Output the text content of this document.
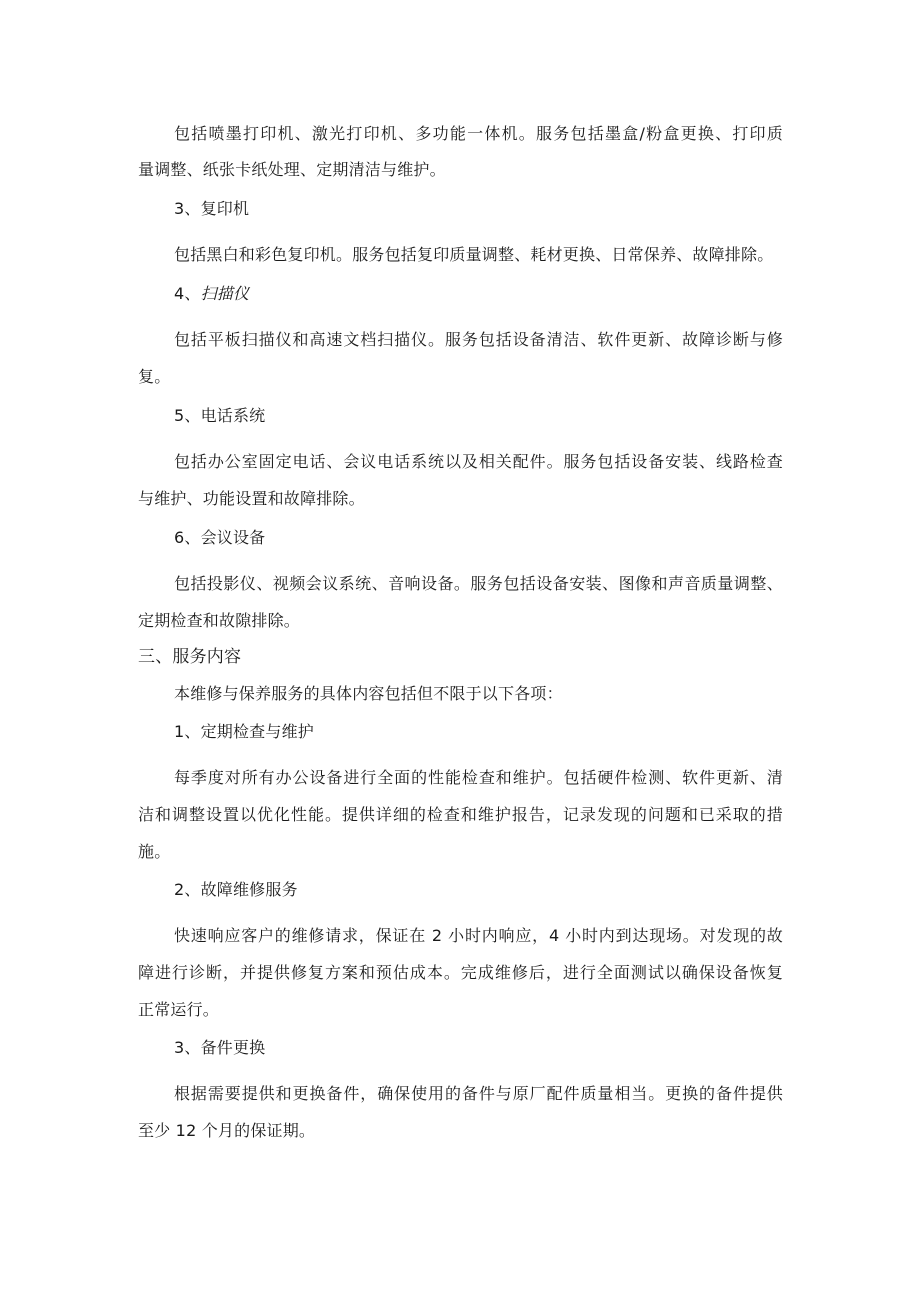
包括喷墨打印机、激光打印机、多功能一体机。服务包括墨盒/粉盒更换、打印质
量调整、纸张卡纸处理、定期清洁与维护。
3、复印机
包括黑白和彩色复印机。服务包括复印质量调整、耗材更换、日常保养、故障排除。
4、扫描仪
包括平板扫描仪和高速文档扫描仪。服务包括设备清洁、软件更新、故障诊断与修
复。
5、电话系统
包括办公室固定电话、会议电话系统以及相关配件。服务包括设备安装、线路检查
与维护、功能设置和故障排除。
6、会议设备
包括投影仪、视频会议系统、音响设备。服务包括设备安装、图像和声音质量调整、
定期检查和故隙排除。
三、服务内容
本维修与保养服务的具体内容包括但不限于以下各项：
1、定期检查与维护
每季度对所有办公设备进行全面的性能检查和维护。包括硬件检测、软件更新、清
洁和调整设置以优化性能。提供详细的检查和维护报告，记录发现的问题和已采取的措
施。
2、故障维修服务
快速响应客户的维修请求，保证在 2 小时内响应，4 小时内到达现场。对发现的故
障进行诊断，并提供修复方案和预估成本。完成维修后，进行全面测试以确保设备恢复
正常运行。
3、备件更换
根据需要提供和更换备件，确保使用的备件与原厂配件质量相当。更换的备件提供
至少 12 个月的保证期。
